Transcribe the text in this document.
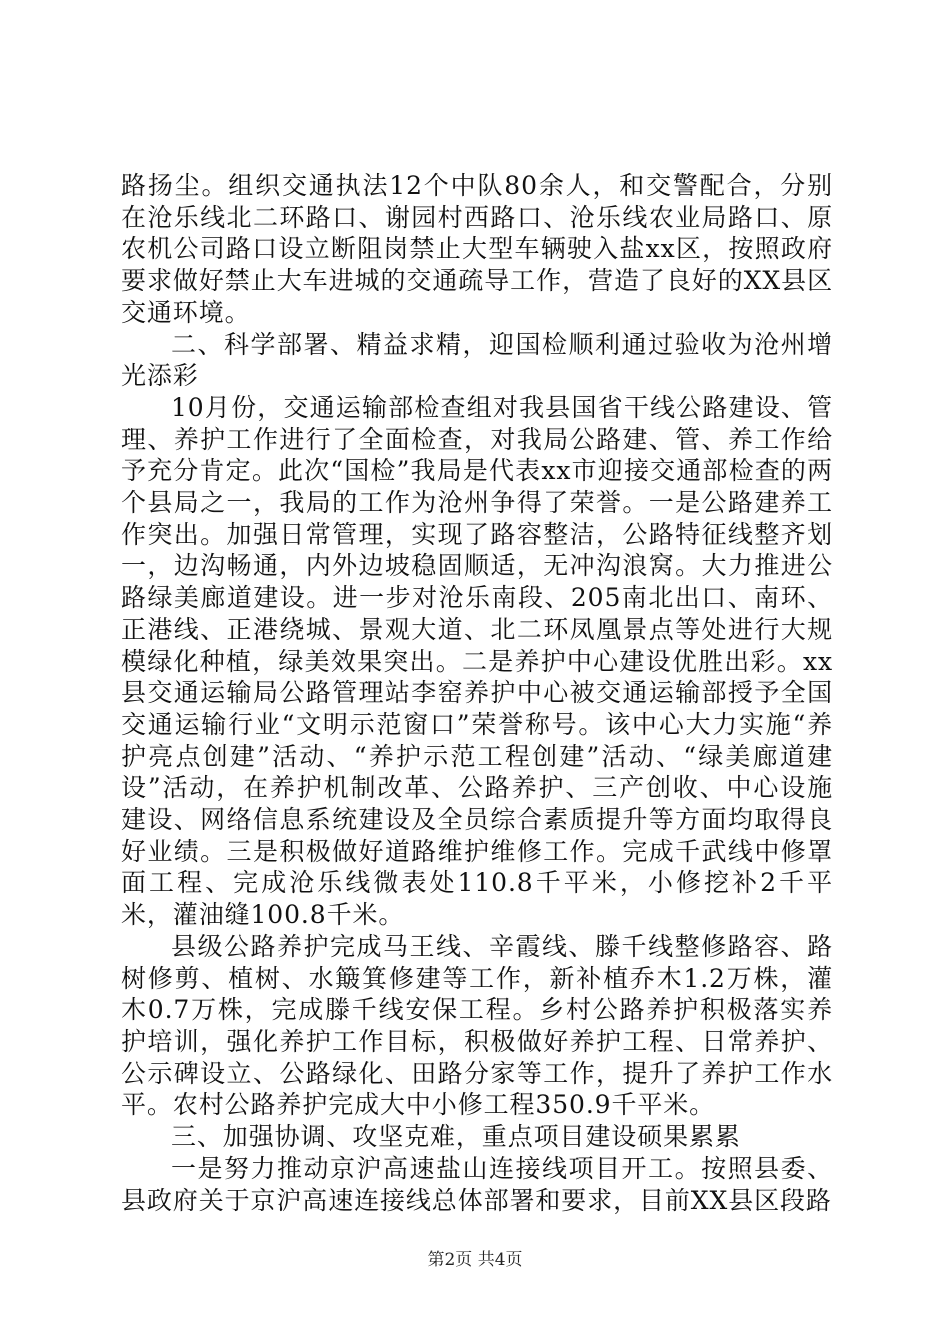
路扬尘。组织交通执法12个中队80余人，和交警配合，分别在沧乐线北二环路口、谢园村西路口、沧乐线农业局路口、原农机公司路口设立断阻岗禁止大型车辆驶入盐xx区，按照政府要求做好禁止大车进城的交通疏导工作，营造了良好的XX县区交通环境。

二、科学部署、精益求精，迎国检顺利通过验收为沧州增光添彩

10月份，交通运输部检查组对我县国省干线公路建设、管理、养护工作进行了全面检查，对我局公路建、管、养工作给予充分肯定。此次“国检”我局是代表xx市迎接交通部检查的两个县局之一，我局的工作为沧州争得了荣誉。一是公路建养工作突出。加强日常管理，实现了路容整洁，公路特征线整齐划一，边沟畅通，内外边坡稳固顺适，无冲沟浪窝。大力推进公路绿美廊道建设。进一步对沧乐南段、205南北出口、南环、正港线、正港绕城、景观大道、北二环凤凰景点等处进行大规模绿化种植，绿美效果突出。二是养护中心建设优胜出彩。xx县交通运输局公路管理站李窑养护中心被交通运输部授予全国交通运输行业“文明示范窗口”荣誉称号。该中心大力实施“养护亮点创建”活动、“养护示范工程创建”活动、“绿美廊道建设”活动，在养护机制改革、公路养护、三产创收、中心设施建设、网络信息系统建设及全员综合素质提升等方面均取得良好业绩。三是积极做好道路维护维修工作。完成千武线中修罩面工程、完成沧乐线微表处110.8千平米，小修挖补2千平米，灌油缝100.8千米。

县级公路养护完成马王线、辛霞线、滕千线整修路容、路树修剪、植树、水簸箕修建等工作，新补植乔木1.2万株，灌木0.7万株，完成滕千线安保工程。乡村公路养护积极落实养护培训，强化养护工作目标，积极做好养护工程、日常养护、公示碑设立、公路绿化、田路分家等工作，提升了养护工作水平。农村公路养护完成大中小修工程350.9千平米。

三、加强协调、攻坚克难，重点项目建设硕果累累

一是努力推动京沪高速盐山连接线项目开工。按照县委、县政府关于京沪高速连接线总体部署和要求，目前XX县区段路

第2页 共4页
